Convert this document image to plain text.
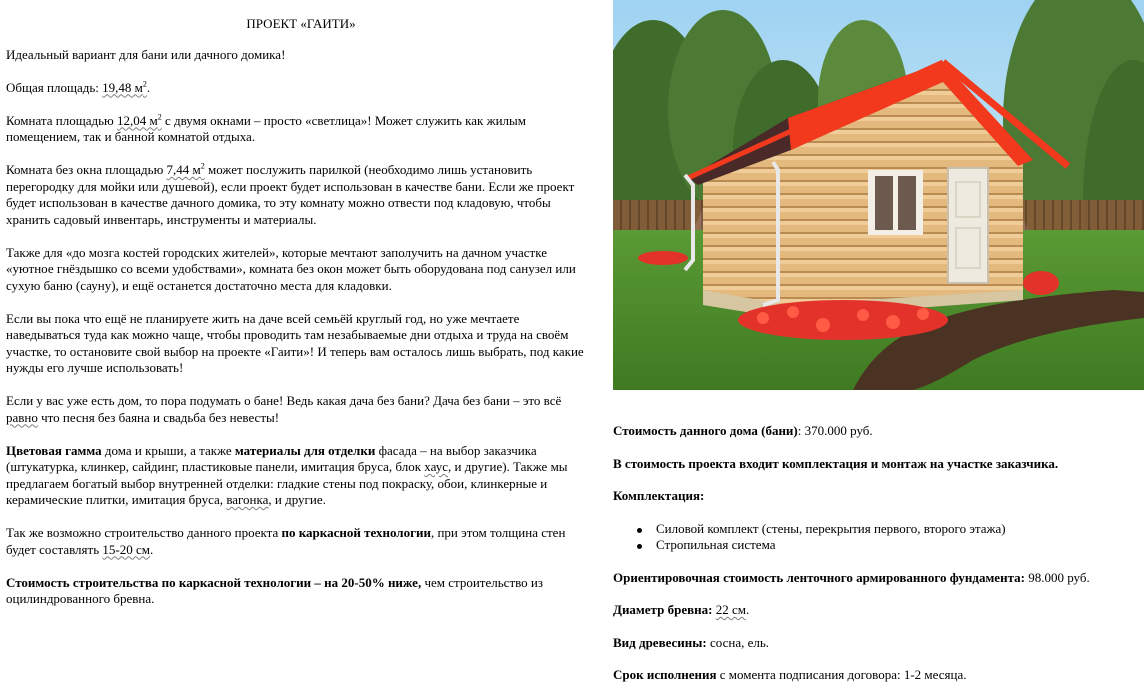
ПРОЕКТ «ГАИТИ»

Идеальный вариант для бани или дачного домика!

Общая площадь: 19,48 $м^2$.

Комната площадью 12,04 $м^2$ с двумя окнами – просто «светлица»! Может служить как жилым помещением, так и банной комнатой отдыха.

Комната без окна площадью 7,44 $м^2$ может послужить парилкой (необходимо лишь установить перегородку для мойки или душевой), если проект будет использован в качестве бани. Если же проект будет использован в качестве дачного домика, то эту комнату можно отвести под кладовую, чтобы хранить садовый инвентарь, инструменты и материалы.

Также для «до мозга костей городских жителей», которые мечтают заполучить на дачном участке «уютное гнёздышко со всеми удобствами», комната без окон может быть оборудована под санузел или сухую баню (сауну), и ещё останется достаточно места для кладовки.

Если вы пока что ещё не планируете жить на даче всей семьёй круглый год, но уже мечтаете наведываться туда как можно чаще, чтобы проводить там незабываемые дни отдыха и труда на своём участке, то остановите свой выбор на проекте «Гаити»! И теперь вам осталось лишь выбрать, под какие нужды его лучше использовать!

Если у вас уже есть дом, то пора подумать о бане! Ведь какая дача без бани? Дача без бани – это всё равно что песня без баяна и свадьба без невесты!

Цветовая гамма дома и крыши, а также материалы для отделки фасада – на выбор заказчика (штукатурка, клинкер, сайдинг, пластиковые панели, имитация бруса, блок хаус, и другие). Также мы предлагаем богатый выбор внутренней отделки: гладкие стены под покраску, обои, клинкерные и керамические плитки, имитация бруса, вагонка, и другие.

Так же возможно строительство данного проекта по каркасной технологии, при этом толщина стен будет составлять 15-20 см.

Стоимость строительства по каркасной технологии – на 20-50% ниже, чем строительство из оцилиндрованного бревна.

Стоимость данного дома (бани): 370.000 руб.

В стоимость проекта входит комплектация и монтаж на участке заказчика.

Комплектация:

Силовой комплект (стены, перекрытия первого, второго этажа)
Стропильная система

Ориентировочная стоимость ленточного армированного фундамента: 98.000 руб.

Диаметр бревна: 22 см.

Вид древесины: сосна, ель.

Срок исполнения с момента подписания договора: 1-2 месяца.
